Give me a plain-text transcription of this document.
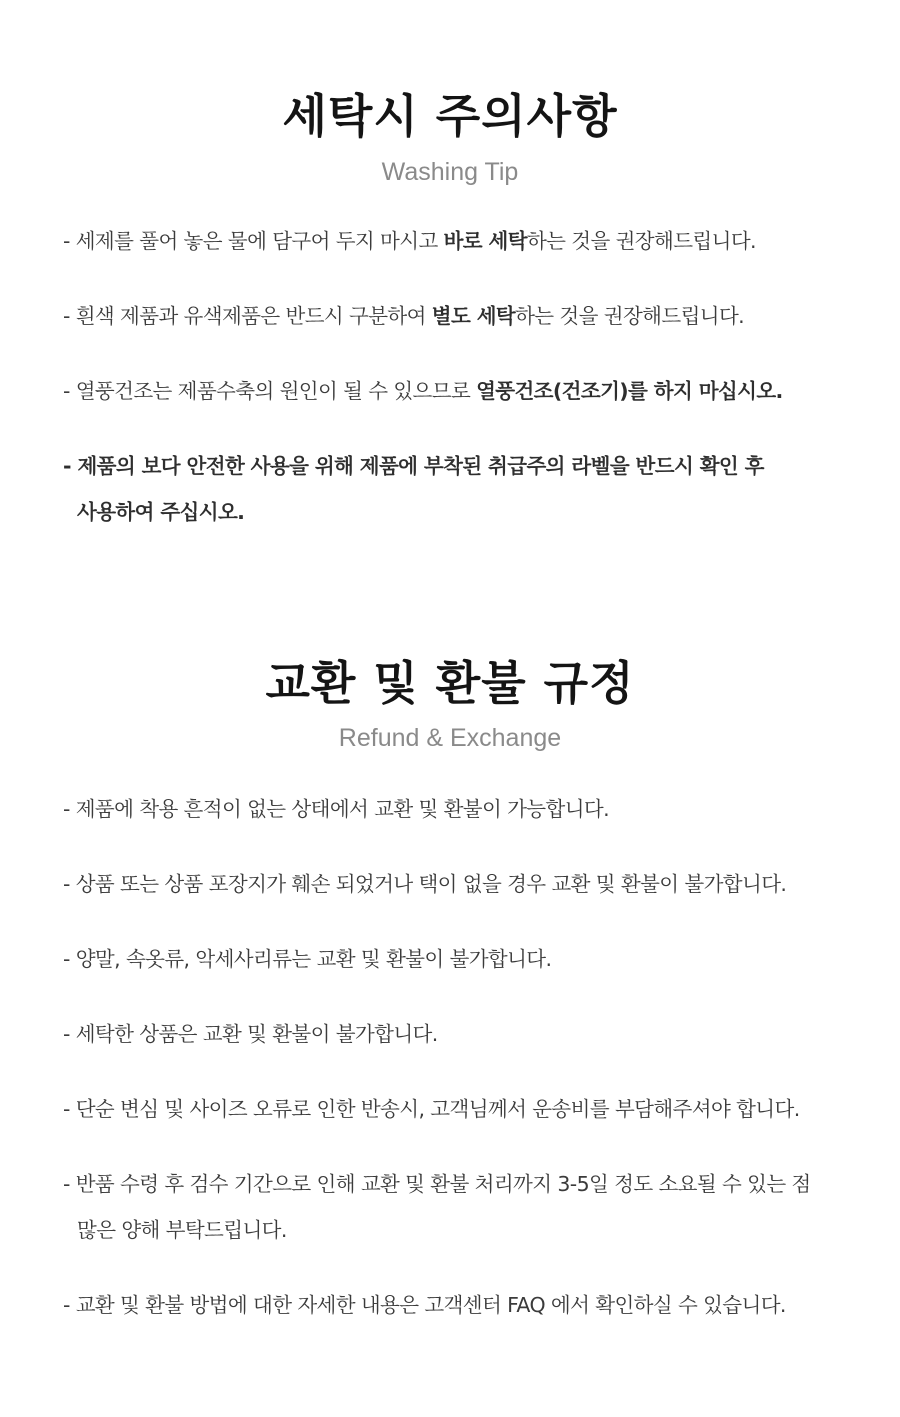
세탁시 주의사항
Washing Tip
- 세제를 풀어 놓은 물에 담구어 두지 마시고 바로 세탁하는 것을 권장해드립니다.
- 흰색 제품과 유색제품은 반드시 구분하여 별도 세탁하는 것을 권장해드립니다.
- 열풍건조는 제품수축의 원인이 될 수 있으므로 열풍건조(건조기)를 하지 마십시오.
- 제품의 보다 안전한 사용을 위해 제품에 부착된 취급주의 라벨을 반드시 확인 후
사용하여 주십시오.
교환 및 환불 규정
Refund & Exchange
- 제품에 착용 흔적이 없는 상태에서 교환 및 환불이 가능합니다.
- 상품 또는 상품 포장지가 훼손 되었거나 택이 없을 경우 교환 및 환불이 불가합니다.
- 양말, 속옷류, 악세사리류는 교환 및 환불이 불가합니다.
- 세탁한 상품은 교환 및 환불이 불가합니다.
- 단순 변심 및 사이즈 오류로 인한 반송시, 고객님께서 운송비를 부담해주셔야 합니다.
- 반품 수령 후 검수 기간으로 인해 교환 및 환불 처리까지 3-5일 정도 소요될 수 있는 점
많은 양해 부탁드립니다.
- 교환 및 환불 방법에 대한 자세한 내용은 고객센터 FAQ 에서 확인하실 수 있습니다.
